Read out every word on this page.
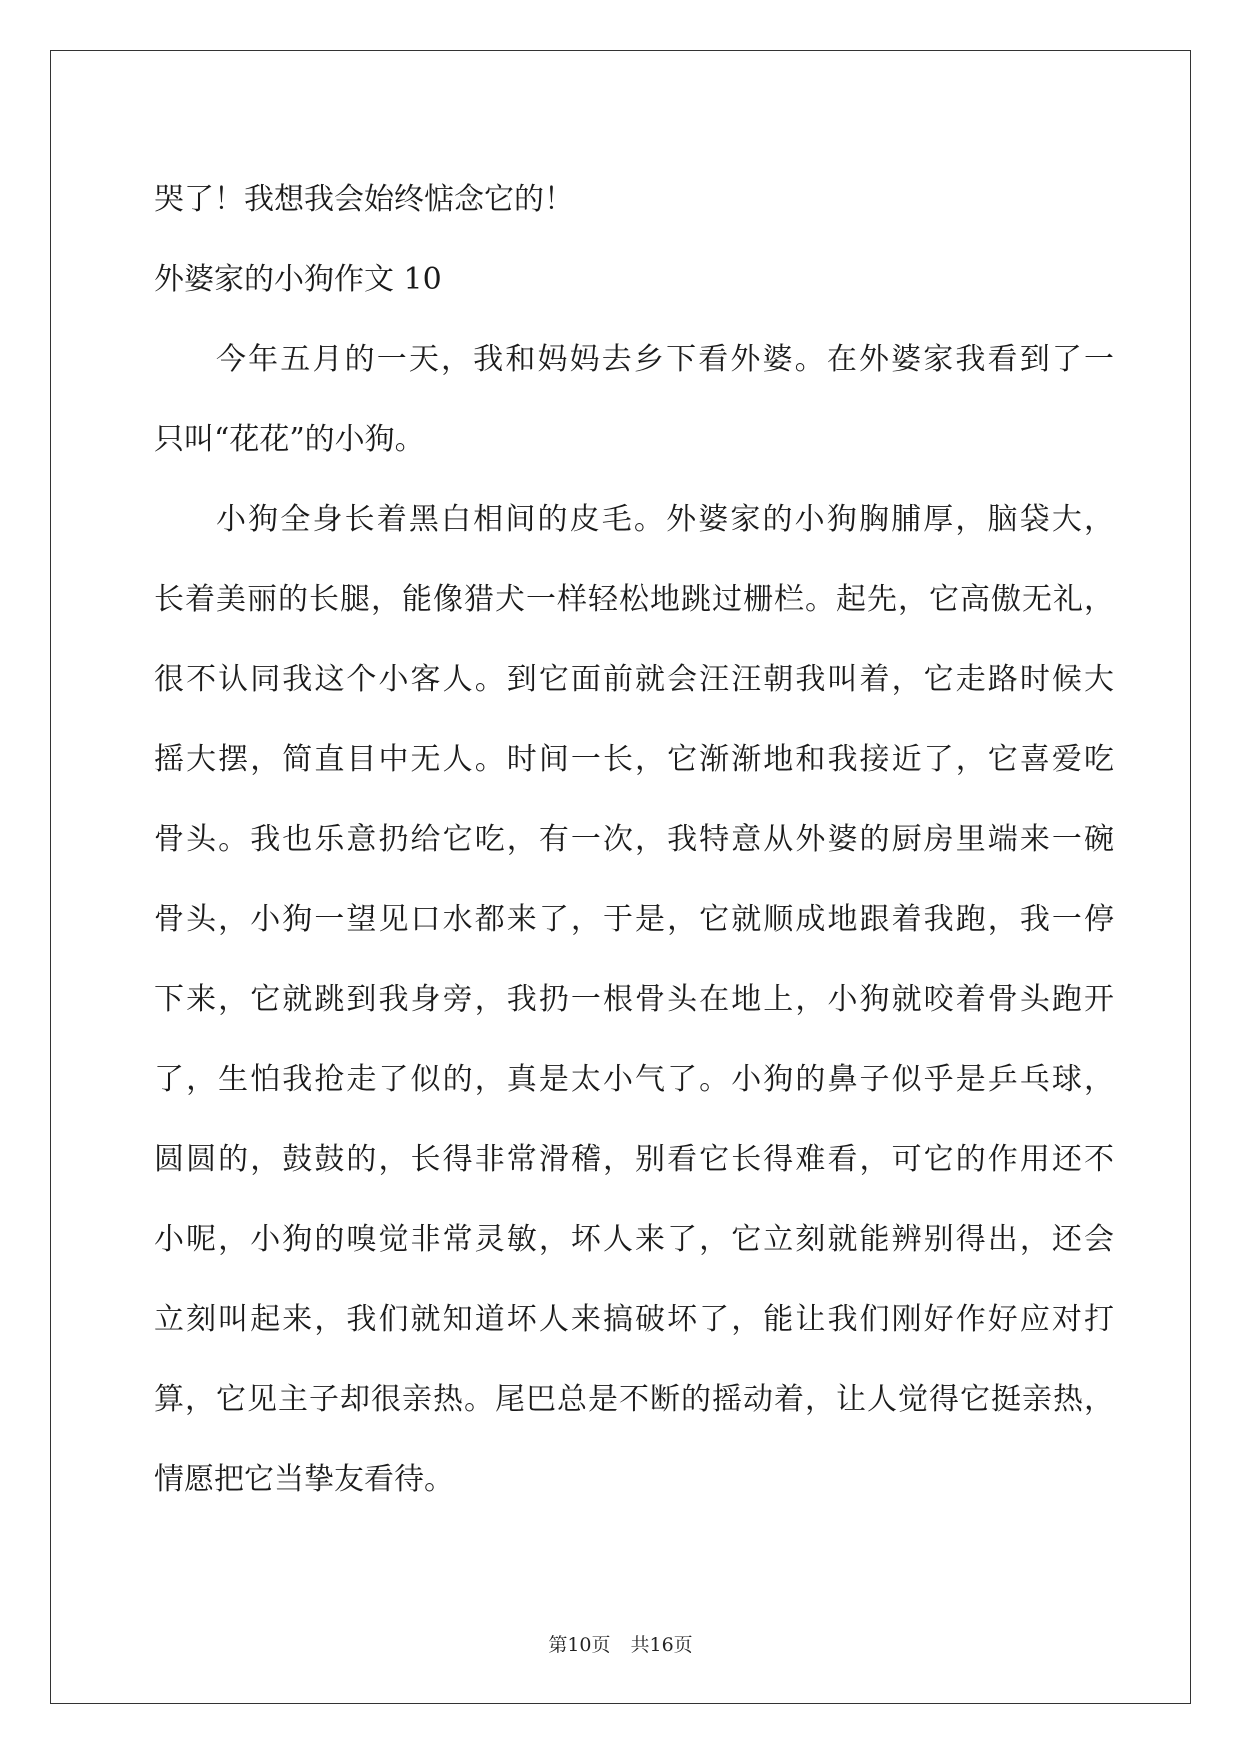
哭了！我想我会始终惦念它的！

外婆家的小狗作文 10

今年五月的一天，我和妈妈去乡下看外婆。在外婆家我看到了一

只叫“花花”的小狗。

小狗全身长着黑白相间的皮毛。外婆家的小狗胸脯厚，脑袋大，

长着美丽的长腿，能像猎犬一样轻松地跳过栅栏。起先，它高傲无礼，

很不认同我这个小客人。到它面前就会汪汪朝我叫着，它走路时候大

摇大摆，简直目中无人。时间一长，它渐渐地和我接近了，它喜爱吃

骨头。我也乐意扔给它吃，有一次，我特意从外婆的厨房里端来一碗

骨头，小狗一望见口水都来了，于是，它就顺成地跟着我跑，我一停

下来，它就跳到我身旁，我扔一根骨头在地上，小狗就咬着骨头跑开

了，生怕我抢走了似的，真是太小气了。小狗的鼻子似乎是乒乓球，

圆圆的，鼓鼓的，长得非常滑稽，别看它长得难看，可它的作用还不

小呢，小狗的嗅觉非常灵敏，坏人来了，它立刻就能辨别得出，还会

立刻叫起来，我们就知道坏人来搞破坏了，能让我们刚好作好应对打

算，它见主子却很亲热。尾巴总是不断的摇动着，让人觉得它挺亲热，

情愿把它当挚友看待。

第10页 共16页
